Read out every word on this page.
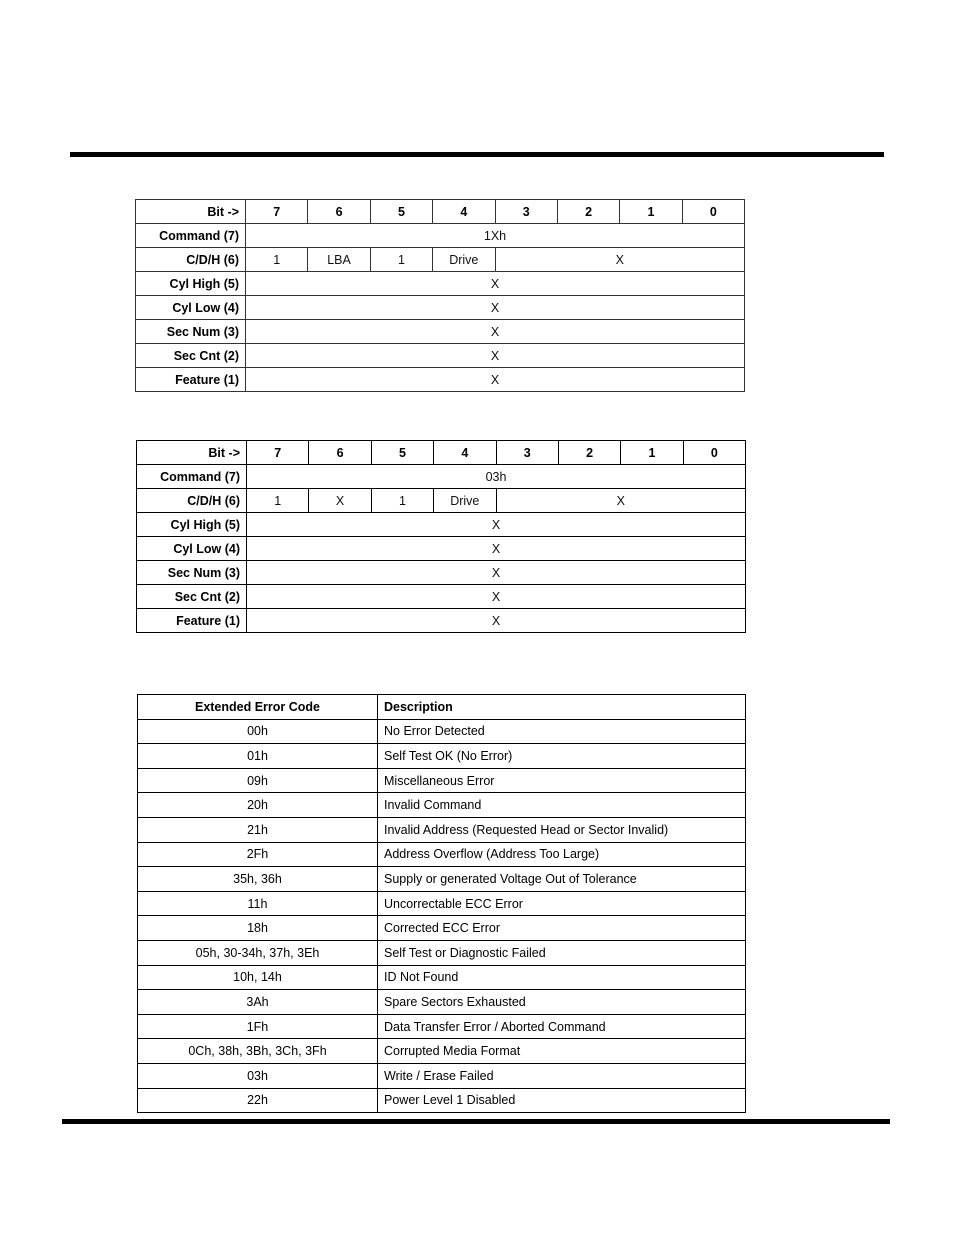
Bit ->	7	6	5	4	3	2	1	0
Command (7)	1Xh							
C/D/H (6)	1	LBA	1	Drive	X			
Cyl High (5)	X							
Cyl Low (4)	X							
Sec Num (3)	X							
Sec Cnt (2)	X							
Feature (1)	X							
Bit ->	7	6	5	4	3	2	1	0
Command (7)	03h							
C/D/H (6)	1	X	1	Drive	X			
Cyl High (5)	X							
Cyl Low (4)	X							
Sec Num (3)	X							
Sec Cnt (2)	X							
Feature (1)	X							
Extended Error Code	Description
00h	No Error Detected
01h	Self Test OK (No Error)
09h	Miscellaneous Error
20h	Invalid Command
21h	Invalid Address (Requested Head or Sector Invalid)
2Fh	Address Overflow (Address Too Large)
35h, 36h	Supply or generated Voltage Out of Tolerance
11h	Uncorrectable ECC Error
18h	Corrected ECC Error
05h, 30-34h, 37h, 3Eh	Self Test or Diagnostic Failed
10h, 14h	ID Not Found
3Ah	Spare Sectors Exhausted
1Fh	Data Transfer Error / Aborted Command
0Ch, 38h, 3Bh, 3Ch, 3Fh	Corrupted Media Format
03h	Write / Erase Failed
22h	Power Level 1 Disabled
